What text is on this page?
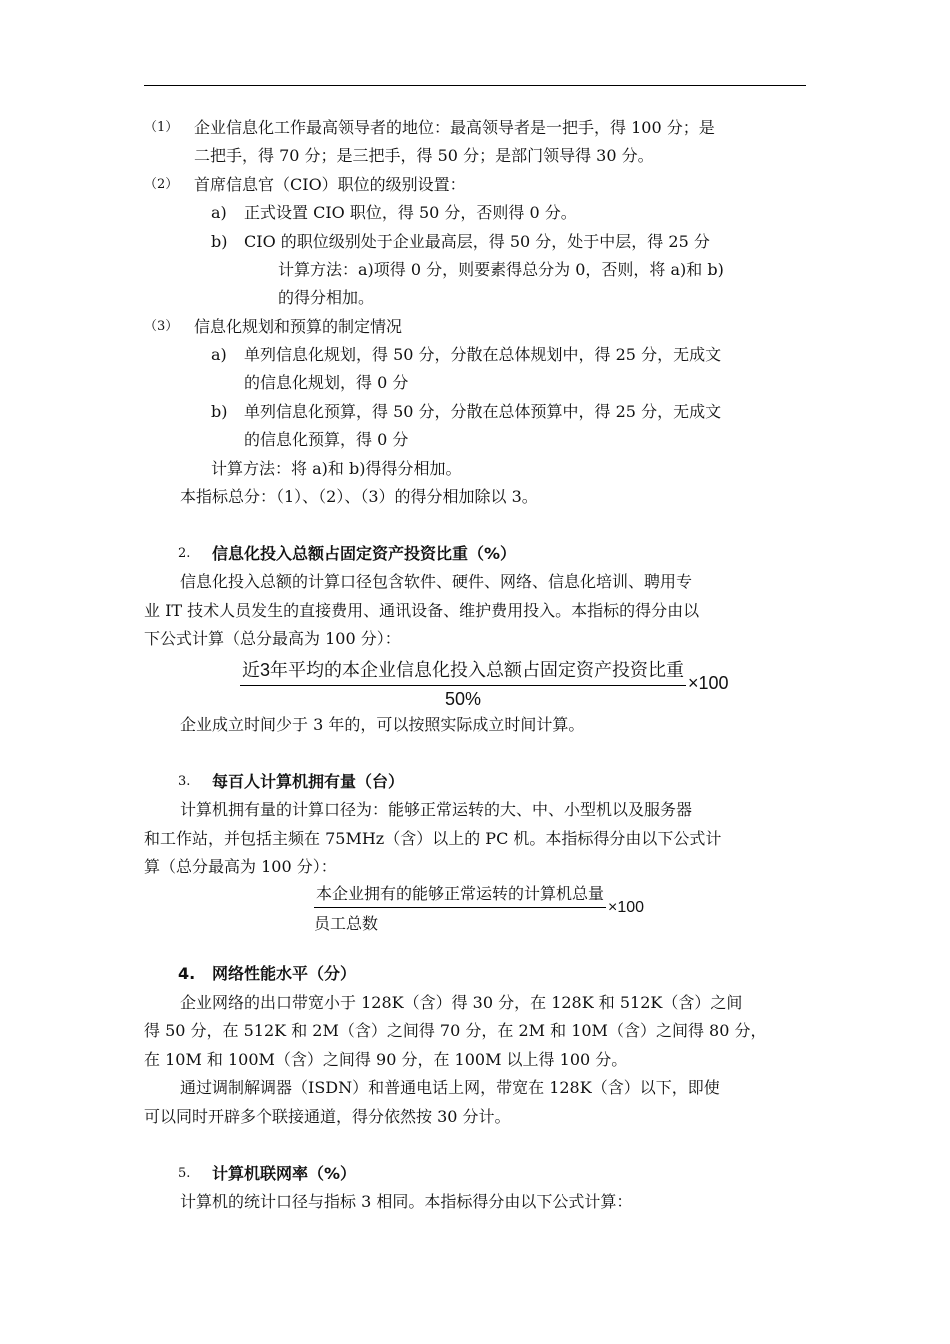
（1） 企业信息化工作最高领导者的地位：最高领导者是一把手，得 100 分；是
二把手，得 70 分；是三把手，得 50 分；是部门领导得 30 分。
（2） 首席信息官（CIO）职位的级别设置：
a) 正式设置 CIO 职位，得 50 分，否则得 0 分。
b) CIO 的职位级别处于企业最高层，得 50 分，处于中层，得 25 分
计算方法：a)项得 0 分，则要素得总分为 0，否则，将 a)和 b)
的得分相加。
（3） 信息化规划和预算的制定情况
a) 单列信息化规划，得 50 分，分散在总体规划中，得 25 分，无成文
的信息化规划，得 0 分
b) 单列信息化预算，得 50 分，分散在总体预算中，得 25 分，无成文
的信息化预算，得 0 分
计算方法：将 a)和 b)得得分相加。
本指标总分：（1）、（2）、（3）的得分相加除以 3。
2. 信息化投入总额占固定资产投资比重（%）
信息化投入总额的计算口径包含软件、硬件、网络、信息化培训、聘用专
业 IT 技术人员发生的直接费用、通讯设备、维护费用投入。本指标的得分由以
下公式计算（总分最高为 100 分）：
近3年平均的本企业信息化投入总额占固定资产投资比重
50%
×100
企业成立时间少于 3 年的，可以按照实际成立时间计算。
3. 每百人计算机拥有量（台）
计算机拥有量的计算口径为：能够正常运转的大、中、小型机以及服务器
和工作站，并包括主频在 75MHz（含）以上的 PC 机。本指标得分由以下公式计
算（总分最高为 100 分）：
本企业拥有的能够正常运转的计算机总量
员工总数
×100
4. 网络性能水平（分）
企业网络的出口带宽小于 128K（含）得 30 分，在 128K 和 512K（含）之间
得 50 分，在 512K 和 2M（含）之间得 70 分，在 2M 和 10M（含）之间得 80 分，
在 10M 和 100M（含）之间得 90 分，在 100M 以上得 100 分。
通过调制解调器（ISDN）和普通电话上网，带宽在 128K（含）以下，即使
可以同时开辟多个联接通道，得分依然按 30 分计。
5. 计算机联网率（%）
计算机的统计口径与指标 3 相同。本指标得分由以下公式计算：
